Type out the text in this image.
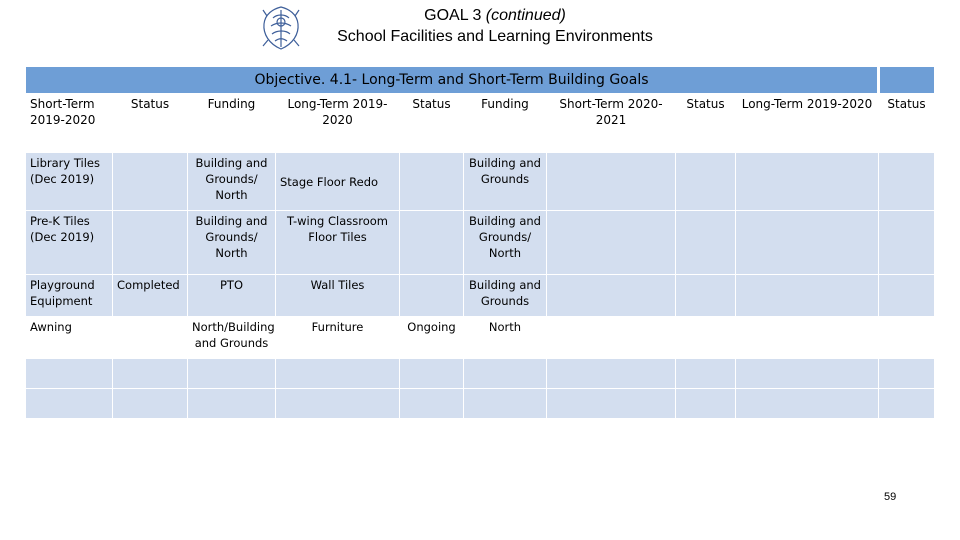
GOAL 3 (continued)
School Facilities and Learning Environments
Objective. 4.1- Long-Term and Short-Term Building Goals									
Short-Term 2019-2020	Status	Funding	Long-Term 2019-2020	Status	Funding	Short-Term 2020-2021	Status	Long-Term 2019-2020	Status
Library Tiles (Dec 2019)		Building and Grounds/ North	Stage Floor Redo		Building and Grounds				
Pre-K Tiles (Dec 2019)		Building and Grounds/ North	T-wing Classroom Floor Tiles		Building and Grounds/ North				
Playground Equipment	Completed	PTO	Wall Tiles		Building and Grounds				
Awning		North/Building and Grounds	Furniture	Ongoing	North				

59
